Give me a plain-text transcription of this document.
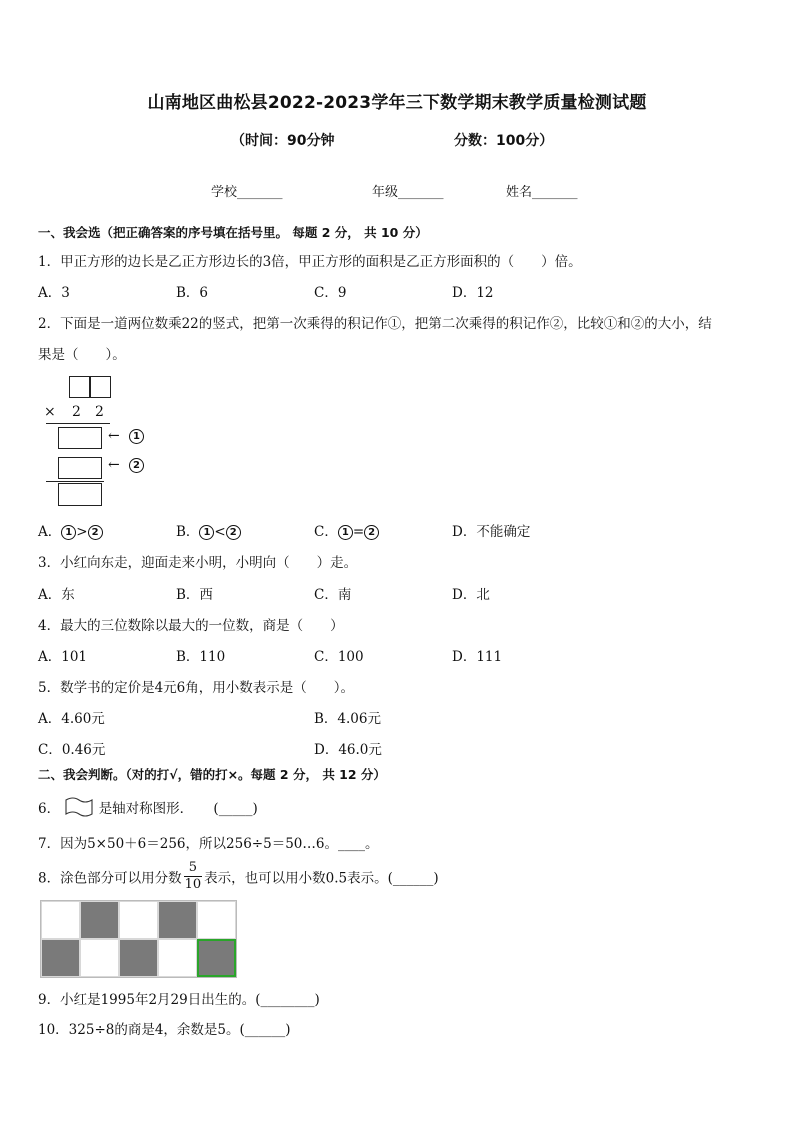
山南地区曲松县2022-2023学年三下数学期末教学质量检测试题
（时间：90分钟	分数：100分）
学校_______	年级_______	姓名_______
一、我会选（把正确答案的序号填在括号里。 每题 2 分， 共 10 分）
1．甲正方形的边长是乙正方形边长的3倍，甲正方形的面积是乙正方形面积的（　　）倍。
A．3	B．6	C．9	D．12
2．下面是一道两位数乘22的竖式，把第一次乘得的积记作①，把第二次乘得的积记作②，比较①和②的大小，结
果是（　　）。
× 2 2
←	1
←	2
A． 1 > 2	B． 1 < 2	C． 1 = 2	D．不能确定
3．小红向东走，迎面走来小明，小明向（　　）走。
A．东	B．西	C．南	D．北
4．最大的三位数除以最大的一位数，商是（　　）
A．101	B．110	C．100	D．111
5．数学书的定价是4元6角，用小数表示是（　　）。
A．4.60元	B．4.06元
C．0.46元	D．46.0元
二、我会判断。（对的打√，错的打×。每题 2 分， 共 12 分）
6．	是轴对称图形．　　(_____)
7．因为5×50＋6＝256，所以256÷5＝50…6。____。
8．涂色部分可以用分数 $\frac{5}{10}$ 表示，也可以用小数0.5表示。(______)
9．小红是1995年2月29日出生的。(________)
10．325÷8的商是4，余数是5。(______)
